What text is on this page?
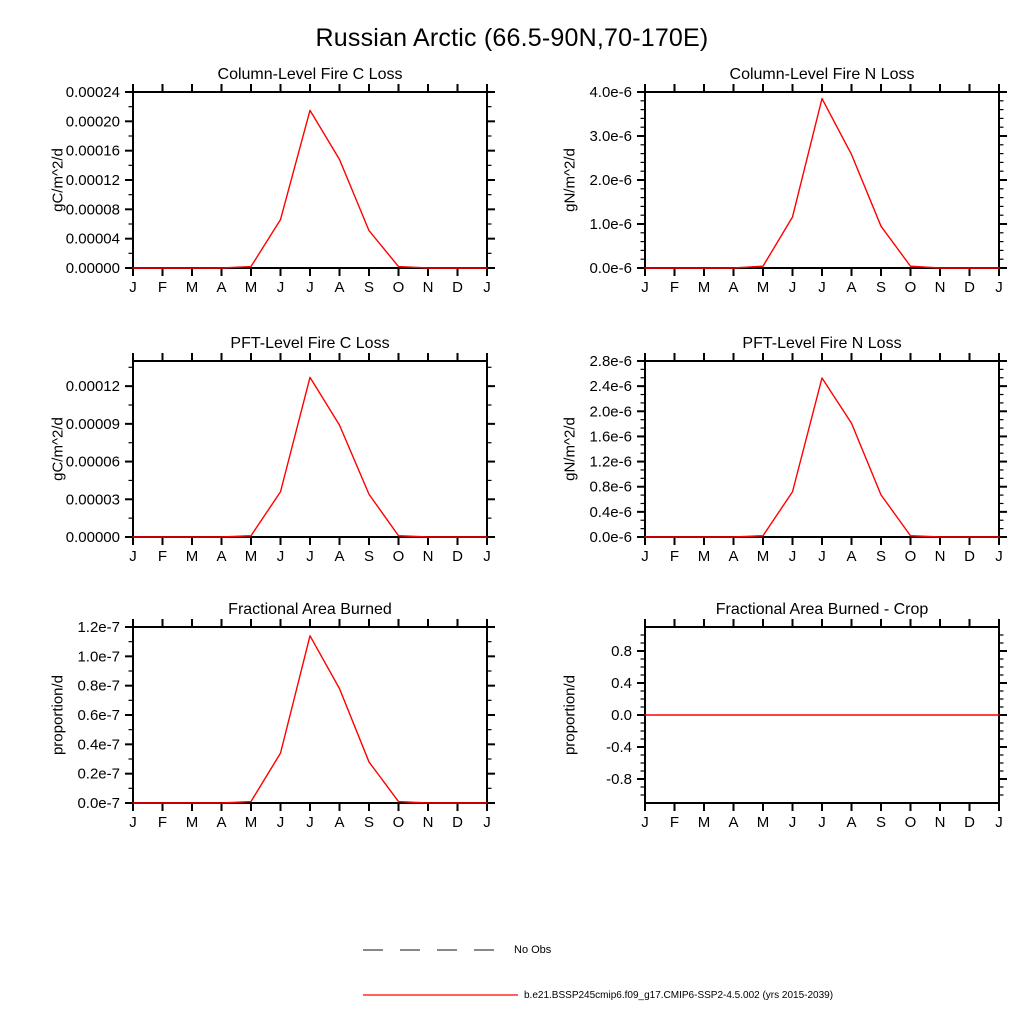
Russian Arctic (66.5-90N,70-170E)
Column-Level Fire C Loss
gC/m^2/d
J F M A M J J A S O N D J
0.00000
0.00004
0.00008
0.00012
0.00016
0.00020
0.00024
Column-Level Fire N Loss
gN/m^2/d
J F M A M J J A S O N D J
0.0e-6
1.0e-6
2.0e-6
3.0e-6
4.0e-6
PFT-Level Fire C Loss
gC/m^2/d
J F M A M J J A S O N D J
0.00000
0.00003
0.00006
0.00009
0.00012
PFT-Level Fire N Loss
gN/m^2/d
J F M A M J J A S O N D J
0.0e-6
0.4e-6
0.8e-6
1.2e-6
1.6e-6
2.0e-6
2.4e-6
2.8e-6
Fractional Area Burned
proportion/d
J F M A M J J A S O N D J
0.0e-7
0.2e-7
0.4e-7
0.6e-7
0.8e-7
1.0e-7
1.2e-7
Fractional Area Burned - Crop
proportion/d
J F M A M J J A S O N D J
-0.8
-0.4
0.0
0.4
0.8
No Obs
b.e21.BSSP245cmip6.f09_g17.CMIP6-SSP2-4.5.002 (yrs 2015-2039)
